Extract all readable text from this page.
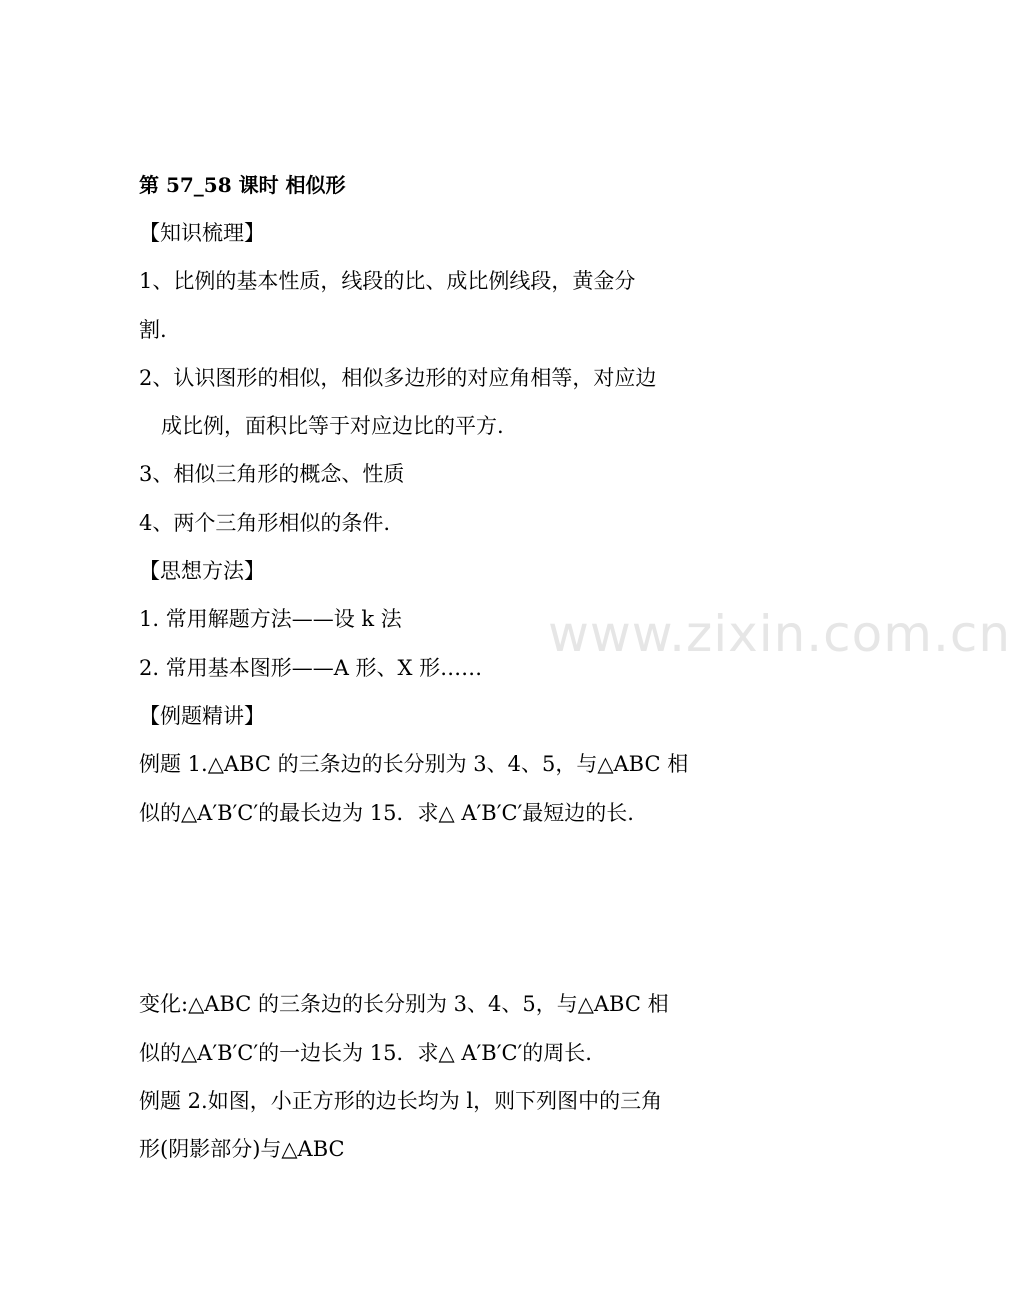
第 57_58 课时 相似形
【知识梳理】
1、比例的基本性质，线段的比、成比例线段，黄金分
割.
2、认识图形的相似，相似多边形的对应角相等，对应边
成比例，面积比等于对应边比的平方.
3、相似三角形的概念、性质
4、两个三角形相似的条件.
【思想方法】
1. 常用解题方法——设 k 法
2. 常用基本图形——A 形、X 形……
【例题精讲】
例题 1.△ABC 的三条边的长分别为 3、4、5，与△ABC 相
似的△A′B′C′的最长边为 15．求△ A′B′C′最短边的长.
变化:△ABC 的三条边的长分别为 3、4、5，与△ABC 相
似的△A′B′C′的一边长为 15．求△ A′B′C′的周长.
例题 2.如图，小正方形的边长均为 l，则下列图中的三角
形(阴影部分)与△ABC
www.zixin.com.cn
